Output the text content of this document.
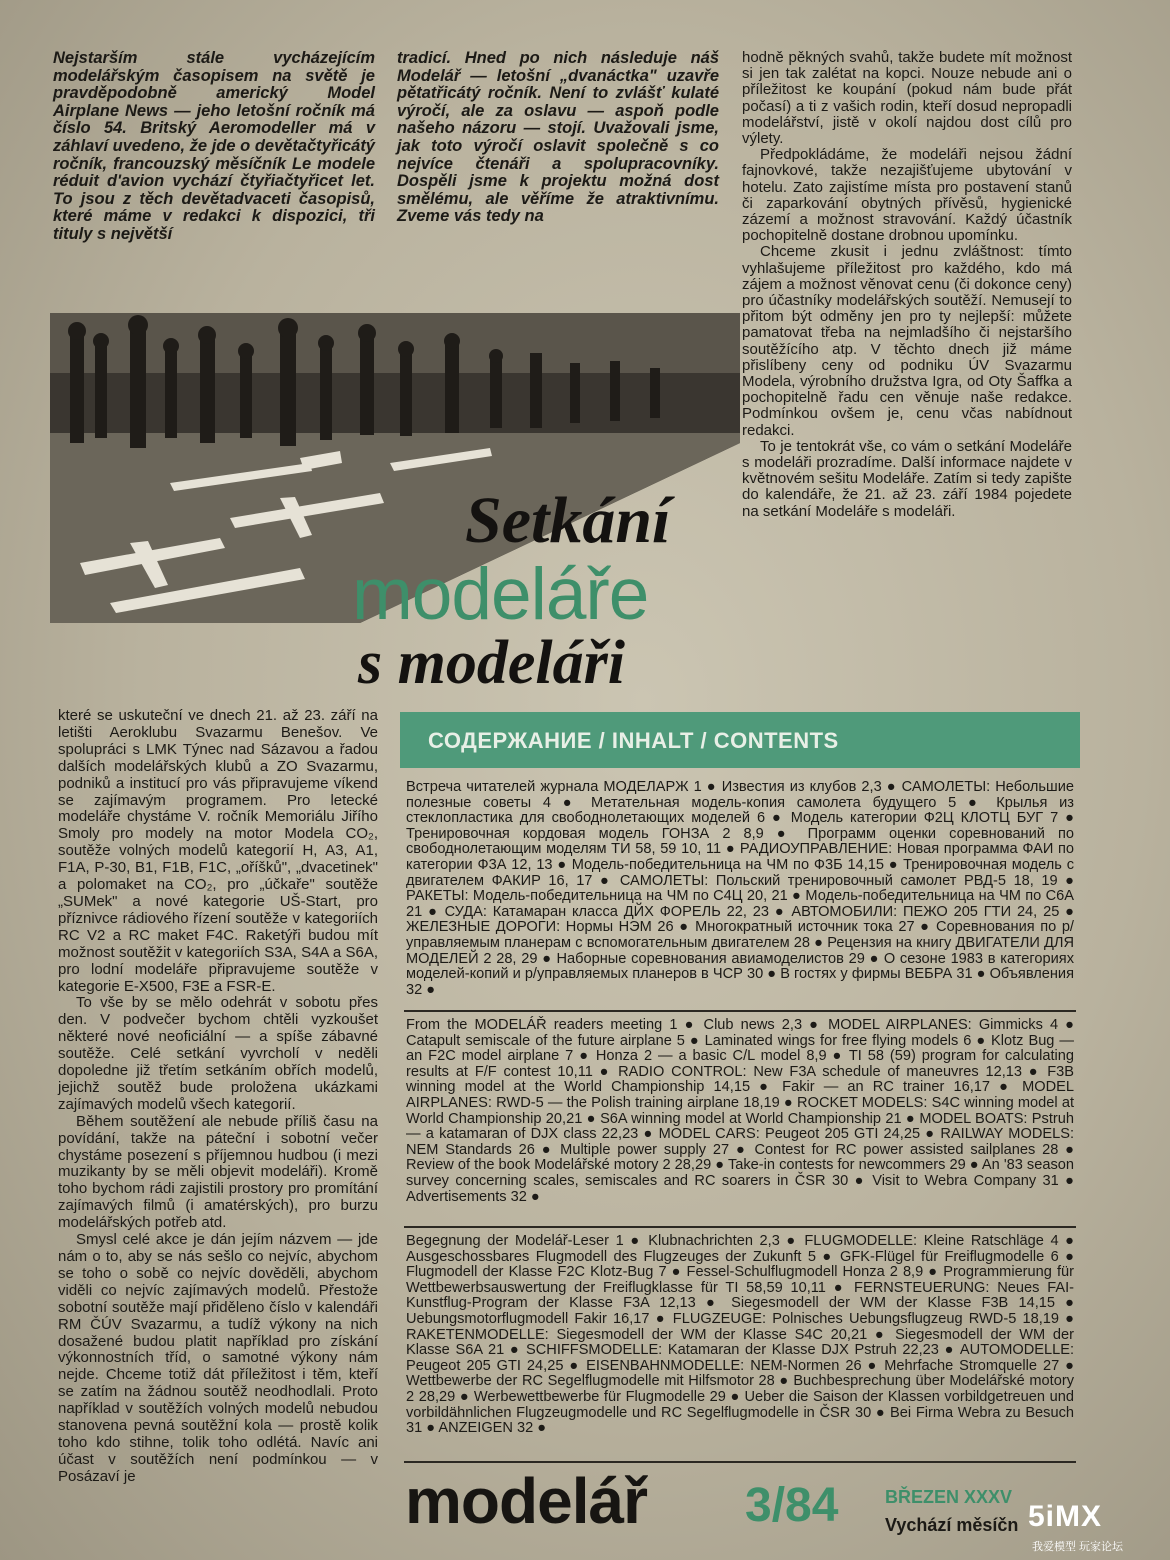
Nejstarším stále vycházejícím modelářským časopisem na světě je pravděpodobně americký Model Airplane News — jeho letošní ročník má číslo 54. Britský Aeromodeller má v záhlaví uvedeno, že jde o devětačtyřicátý ročník, francouzský měsíčník Le modele réduit d'avion vychází čtyřiačtyřicet let. To jsou z těch devětadvaceti časopisů, které máme v redakci k dispozici, tři tituly s největší

tradicí. Hned po nich následuje náš Modelář — letošní „dvanáctka" uzavře pětatřicátý ročník. Není to zvlášť kulaté výročí, ale za oslavu — aspoň podle našeho názoru — stojí. Uvažovali jsme, jak toto výročí oslavit společně s co nejvíce čtenáři a spolupracovníky. Dospěli jsme k projektu možná dost smělému, ale věříme že atraktivnímu. Zveme vás tedy na

hodně pěkných svahů, takže budete mít možnost si jen tak zalétat na kopci. Nouze nebude ani o příležitost ke koupání (pokud nám bude přát počasí) a ti z vašich rodin, kteří dosud nepropadli modelářství, jistě v okolí najdou dost cílů pro výlety.

Předpokládáme, že modeláři nejsou žádní fajnovkové, takže nezajišťujeme ubytování v hotelu. Zato zajistíme místa pro postavení stanů či zaparkování obytných přívěsů, hygienické zázemí a možnost stravování. Každý účastník pochopitelně dostane drobnou upomínku.

Chceme zkusit i jednu zvláštnost: tímto vyhlašujeme příležitost pro každého, kdo má zájem a možnost věnovat cenu (či dokonce ceny) pro účastníky modelářských soutěží. Nemusejí to přitom být odměny jen pro ty nejlepší: můžete pamatovat třeba na nejmladšího či nejstaršího soutěžícího atp. V těchto dnech již máme přislíbeny ceny od podniku ÚV Svazarmu Modela, výrobního družstva Igra, od Oty Šaffka a pochopitelně řadu cen věnuje naše redakce. Podmínkou ovšem je, cenu včas nabídnout redakci.

To je tentokrát vše, co vám o setkání Modeláře s modeláři prozradíme. Další informace najdete v květnovém sešitu Modeláře. Zatím si tedy zapište do kalendáře, že 21. až 23. září 1984 pojedete na setkání Modeláře s modeláři.

Setkání
modeláře
s modeláři

které se uskuteční ve dnech 21. až 23. září na letišti Aeroklubu Svazarmu Benešov. Ve spolupráci s LMK Týnec nad Sázavou a řadou dalších modelářských klubů a ZO Svazarmu, podniků a institucí pro vás připravujeme víkend se zajímavým programem. Pro letecké modeláře chystáme V. ročník Memoriálu Jiřího Smoly pro modely na motor Modela CO₂, soutěže volných modelů kategorií H, A3, A1, F1A, P-30, B1, F1B, F1C, „oříšků", „dvacetinek" a polomaket na CO₂, pro „účkaře" soutěže „SUMek" a nové kategorie UŠ-Start, pro příznivce rádiového řízení soutěže v kategoriích RC V2 a RC maket F4C. Raketýři budou mít možnost soutěžit v kategoriích S3A, S4A a S6A, pro lodní modeláře připravujeme soutěže v kategorie E-X500, F3E a FSR-E.

To vše by se mělo odehrát v sobotu přes den. V podvečer bychom chtěli vyzkoušet některé nové neoficiální — a spíše zábavné soutěže. Celé setkání vyvrcholí v neděli dopoledne již třetím setkáním obřích modelů, jejichž soutěž bude proložena ukázkami zajímavých modelů všech kategorií.

Během soutěžení ale nebude příliš času na povídání, takže na páteční i sobotní večer chystáme posezení s příjemnou hudbou (i mezi muzikanty by se měli objevit modeláři). Kromě toho bychom rádi zajistili prostory pro promítání zajímavých filmů (i amatérských), pro burzu modelářských potřeb atd.

Smysl celé akce je dán jejím názvem — jde nám o to, aby se nás sešlo co nejvíc, abychom se toho o sobě co nejvíc dověděli, abychom viděli co nejvíc zajímavých modelů. Přestože sobotní soutěže mají přiděleno číslo v kalendáři RM ČÚV Svazarmu, a tudíž výkony na nich dosažené budou platit například pro získání výkonnostních tříd, o samotné výkony nám nejde. Chceme totiž dát příležitost i těm, kteří se zatím na žádnou soutěž neodhodlali. Proto například v soutěžích volných modelů nebudou stanovena pevná soutěžní kola — prostě kolik toho kdo stihne, tolik toho odlétá. Navíc ani účast v soutěžích není podmínkou — v Posázaví je

СОДЕРЖАНИЕ / INHALT / CONTENTS

Встреча читателей журнала МОДЕЛАРЖ 1 ● Известия из клубов 2,3 ● САМОЛЕТЫ: Небольшие полезные советы 4 ● Метательная модель-копия самолета будущего 5 ● Крылья из стеклопластика для свободнолетающих моделей 6 ● Модель категории Ф2Ц КЛОТЦ БУГ 7 ● Тренировочная кордовая модель ГОНЗА 2 8,9 ● Программ оценки соревнований по свободнолетающим моделям ТИ 58, 59 10, 11 ● РАДИОУПРАВЛЕНИЕ: Новая программа ФАИ по категории Ф3А 12, 13 ● Модель-победительница на ЧМ по Ф3Б 14,15 ● Тренировочная модель с двигателем ФАКИР 16, 17 ● САМОЛЕТЫ: Польский тренировочный самолет РВД-5 18, 19 ● РАКЕТЫ: Модель-победительница на ЧМ по С4Ц 20, 21 ● Модель-победительница на ЧМ по С6А 21 ● СУДА: Катамаран класса ДЙХ ФОРЕЛЬ 22, 23 ● АВТОМОБИЛИ: ПЕЖО 205 ГТИ 24, 25 ● ЖЕЛЕЗНЫЕ ДОРОГИ: Нормы НЭМ 26 ● Многократный источник тока 27 ● Соревнования по р/управляемым планерам с вспомогательным двигателем 28 ● Рецензия на книгу ДВИГАТЕЛИ ДЛЯ МОДЕЛЕЙ 2 28, 29 ● Наборные соревнования авиамоделистов 29 ● О сезоне 1983 в категориях моделей-копий и р/управляемых планеров в ЧСР 30 ● В гостях у фирмы ВЕБРА 31 ● Объявления 32 ●

From the MODELÁŘ readers meeting 1 ● Club news 2,3 ● MODEL AIRPLANES: Gimmicks 4 ● Catapult semiscale of the future airplane 5 ● Laminated wings for free flying models 6 ● Klotz Bug — an F2C model airplane 7 ● Honza 2 — a basic C/L model 8,9 ● TI 58 (59) program for calculating results at F/F contest 10,11 ● RADIO CONTROL: New F3A schedule of maneuvres 12,13 ● F3B winning model at the World Championship 14,15 ● Fakir — an RC trainer 16,17 ● MODEL AIRPLANES: RWD-5 — the Polish training airplane 18,19 ● ROCKET MODELS: S4C winning model at World Championship 20,21 ● S6A winning model at World Championship 21 ● MODEL BOATS: Pstruh — a katamaran of DJX class 22,23 ● MODEL CARS: Peugeot 205 GTI 24,25 ● RAILWAY MODELS: NEM Standards 26 ● Multiple power supply 27 ● Contest for RC power assisted sailplanes 28 ● Review of the book Modelářské motory 2 28,29 ● Take-in contests for newcommers 29 ● An '83 season survey concerning scales, semiscales and RC soarers in ČSR 30 ● Visit to Webra Company 31 ● Advertisements 32 ●

Begegnung der Modelář-Leser 1 ● Klubnachrichten 2,3 ● FLUGMODELLE: Kleine Ratschläge 4 ● Ausgeschossbares Flugmodell des Flugzeuges der Zukunft 5 ● GFK-Flügel für Freiflugmodelle 6 ● Flugmodell der Klasse F2C Klotz-Bug 7 ● Fessel-Schulflugmodell Honza 2 8,9 ● Programmierung für Wettbewerbsauswertung der Freiflugklasse für TI 58,59 10,11 ● FERNSTEUERUNG: Neues FAI-Kunstflug-Program der Klasse F3A 12,13 ● Siegesmodell der WM der Klasse F3B 14,15 ● Uebungsmotorflugmodell Fakir 16,17 ● FLUGZEUGE: Polnisches Uebungsflugzeug RWD-5 18,19 ● RAKETENMODELLE: Siegesmodell der WM der Klasse S4C 20,21 ● Siegesmodell der WM der Klasse S6A 21 ● SCHIFFSMODELLE: Katamaran der Klasse DJX Pstruh 22,23 ● AUTOMODELLE: Peugeot 205 GTI 24,25 ● EISENBAHNMODELLE: NEM-Normen 26 ● Mehrfache Stromquelle 27 ● Wettbewerbe der RC Segelflugmodelle mit Hilfsmotor 28 ● Buchbesprechung über Modelářské motory 2 28,29 ● Werbewettbewerbe für Flugmodelle 29 ● Ueber die Saison der Klassen vorbildgetreuen und vorbildähnlichen Flugzeugmodelle und RC Segelflugmodelle in ČSR 30 ● Bei Firma Webra zu Besuch 31 ● ANZEIGEN 32 ●

modelář 3/84	BŘEZEN XXXV
Vychází měsíčn 5iMX
我爱模型 玩家论坛
